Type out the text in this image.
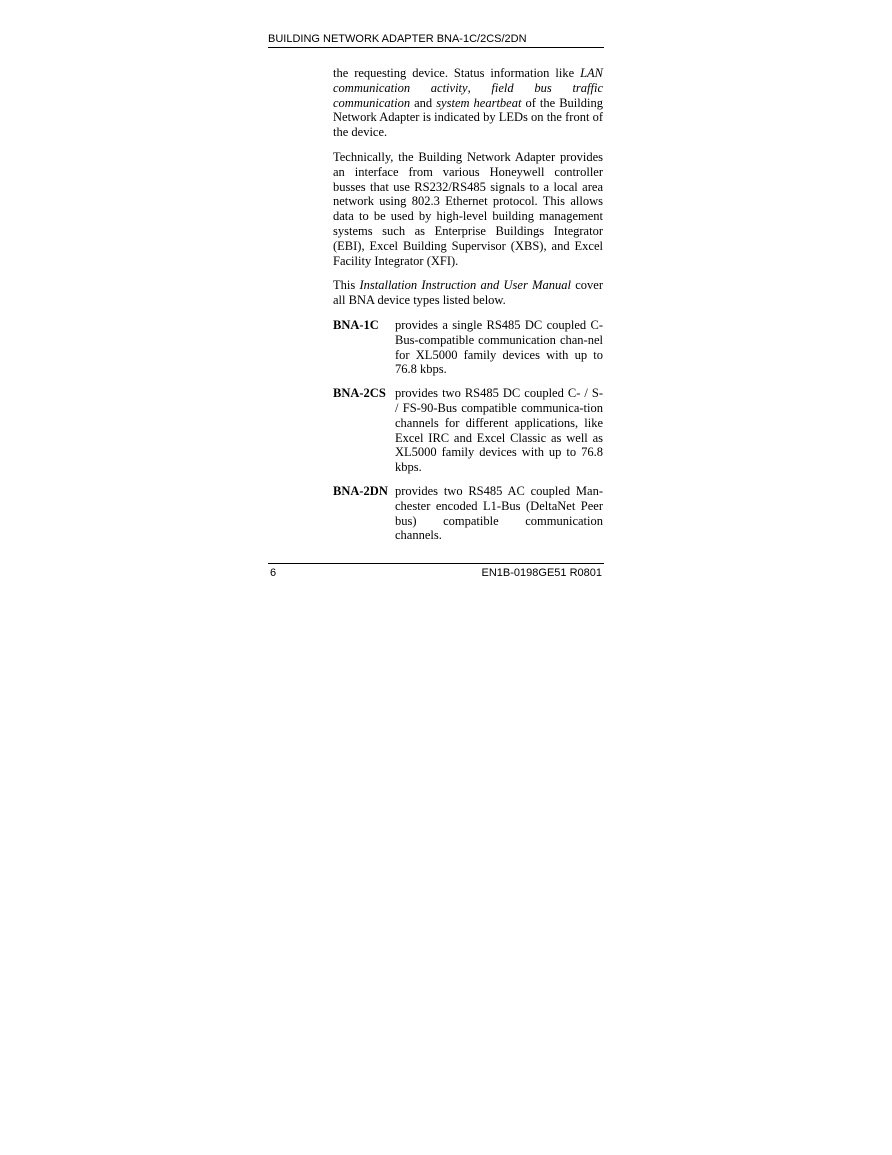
BUILDING NETWORK ADAPTER BNA-1C/2CS/2DN

the requesting device. Status information like LAN communication activity, field bus traffic communication and system heartbeat of the Building Network Adapter is indicated by LEDs on the front of the device.

Technically, the Building Network Adapter provides an interface from various Honeywell controller busses that use RS232/RS485 signals to a local area network using 802.3 Ethernet protocol. This allows data to be used by high-level building management systems such as Enterprise Buildings Integrator (EBI), Excel Building Supervisor (XBS), and Excel Facility Integrator (XFI).

This Installation Instruction and User Manual cover all BNA device types listed below.

BNA-1C	provides a single RS485 DC coupled C-Bus-compatible communication chan-nel for XL5000 family devices with up to 76.8 kbps.
BNA-2CS provides two RS485 DC coupled C- / S- / FS-90-Bus compatible communica-tion channels for different applications, like Excel IRC and Excel Classic as well as XL5000 family devices with up to 76.8 kbps.
BNA-2DN provides two RS485 AC coupled Man-chester encoded L1-Bus (DeltaNet Peer bus) compatible communication channels.
6	EN1B-0198GE51 R0801
